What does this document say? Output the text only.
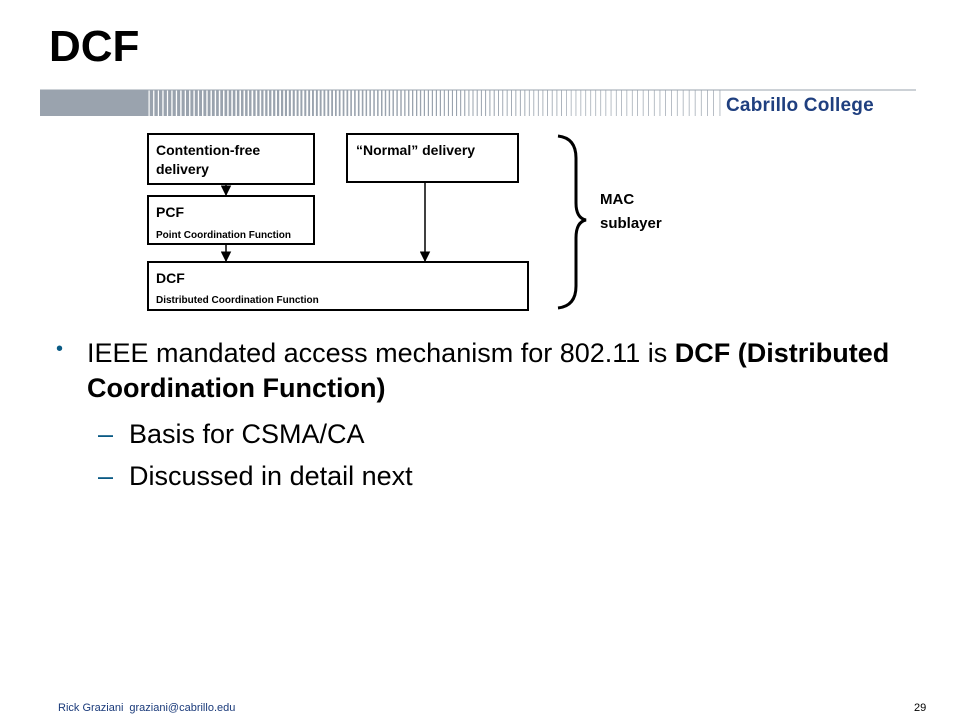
DCF
Cabrillo College
Contention-free
delivery
“Normal” delivery
PCF
Point Coordination Function
DCF
Distributed Coordination Function
MAC
sublayer
• IEEE mandated access mechanism for 802.11 is DCF (Distributed Coordination Function)
– Basis for CSMA/CA
– Discussed in detail next
Rick Graziani graziani@cabrillo.edu	29
